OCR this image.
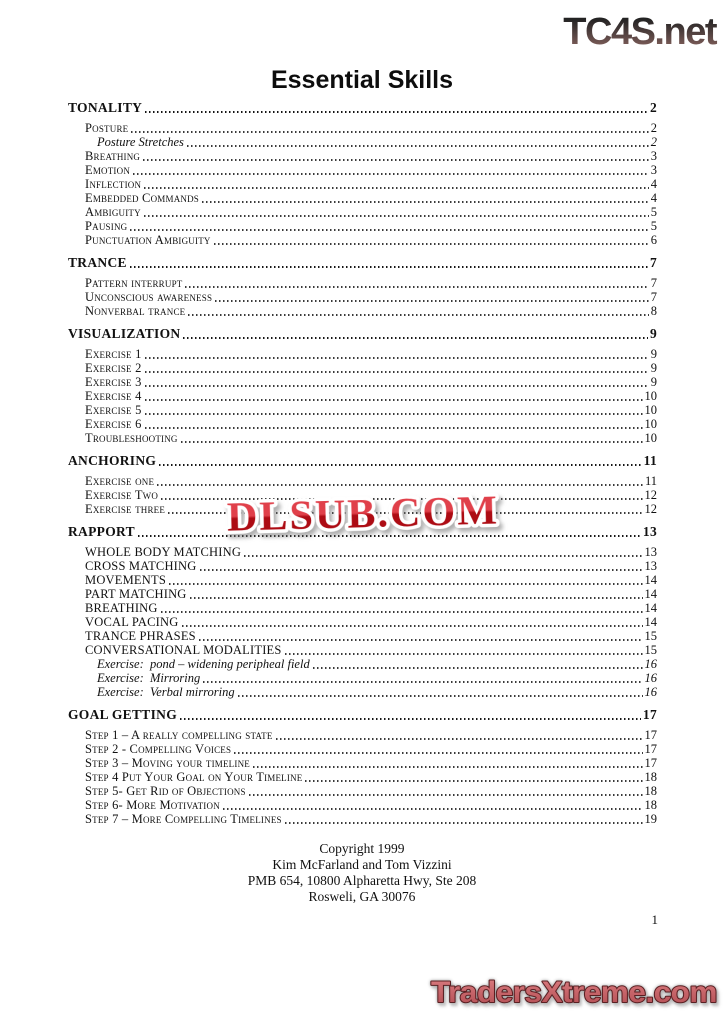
TC4S.net
Essential Skills
TONALITY	2
Posture	2
Posture Stretches	2
Breathing	3
Emotion	3
Inflection	4
Embedded Commands	4
Ambiguity	5
Pausing	5
Punctuation Ambiguity	6
TRANCE	7
Pattern interrupt	7
Unconscious awareness	7
Nonverbal trance	8
VISUALIZATION	9
Exercise 1	9
Exercise 2	9
Exercise 3	9
Exercise 4	10
Exercise 5	10
Exercise 6	10
Troubleshooting	10
ANCHORING	11
Exercise one	11
Exercise Two	12
Exercise three	12
RAPPORT	13
WHOLE BODY MATCHING	13
CROSS MATCHING	13
MOVEMENTS	14
PART MATCHING	14
BREATHING	14
VOCAL PACING	14
TRANCE PHRASES	15
CONVERSATIONAL MODALITIES	15
Exercise: pond – widening peripheal field	16
Exercise: Mirroring	16
Exercise: Verbal mirroring	16
GOAL GETTING	17
Step 1 – A really compelling state	17
Step 2 - Compelling Voices	17
Step 3 – Moving your timeline	17
Step 4 Put Your Goal on Your Timeline	18
Step 5- Get Rid of Objections	18
Step 6- More Motivation	18
Step 7 – More Compelling Timelines	19
DLSUB.COM
Copyright 1999
Kim McFarland and Tom Vizzini
PMB 654, 10800 Alpharetta Hwy, Ste 208
Rosweli, GA 30076
1
TradersXtreme.com
